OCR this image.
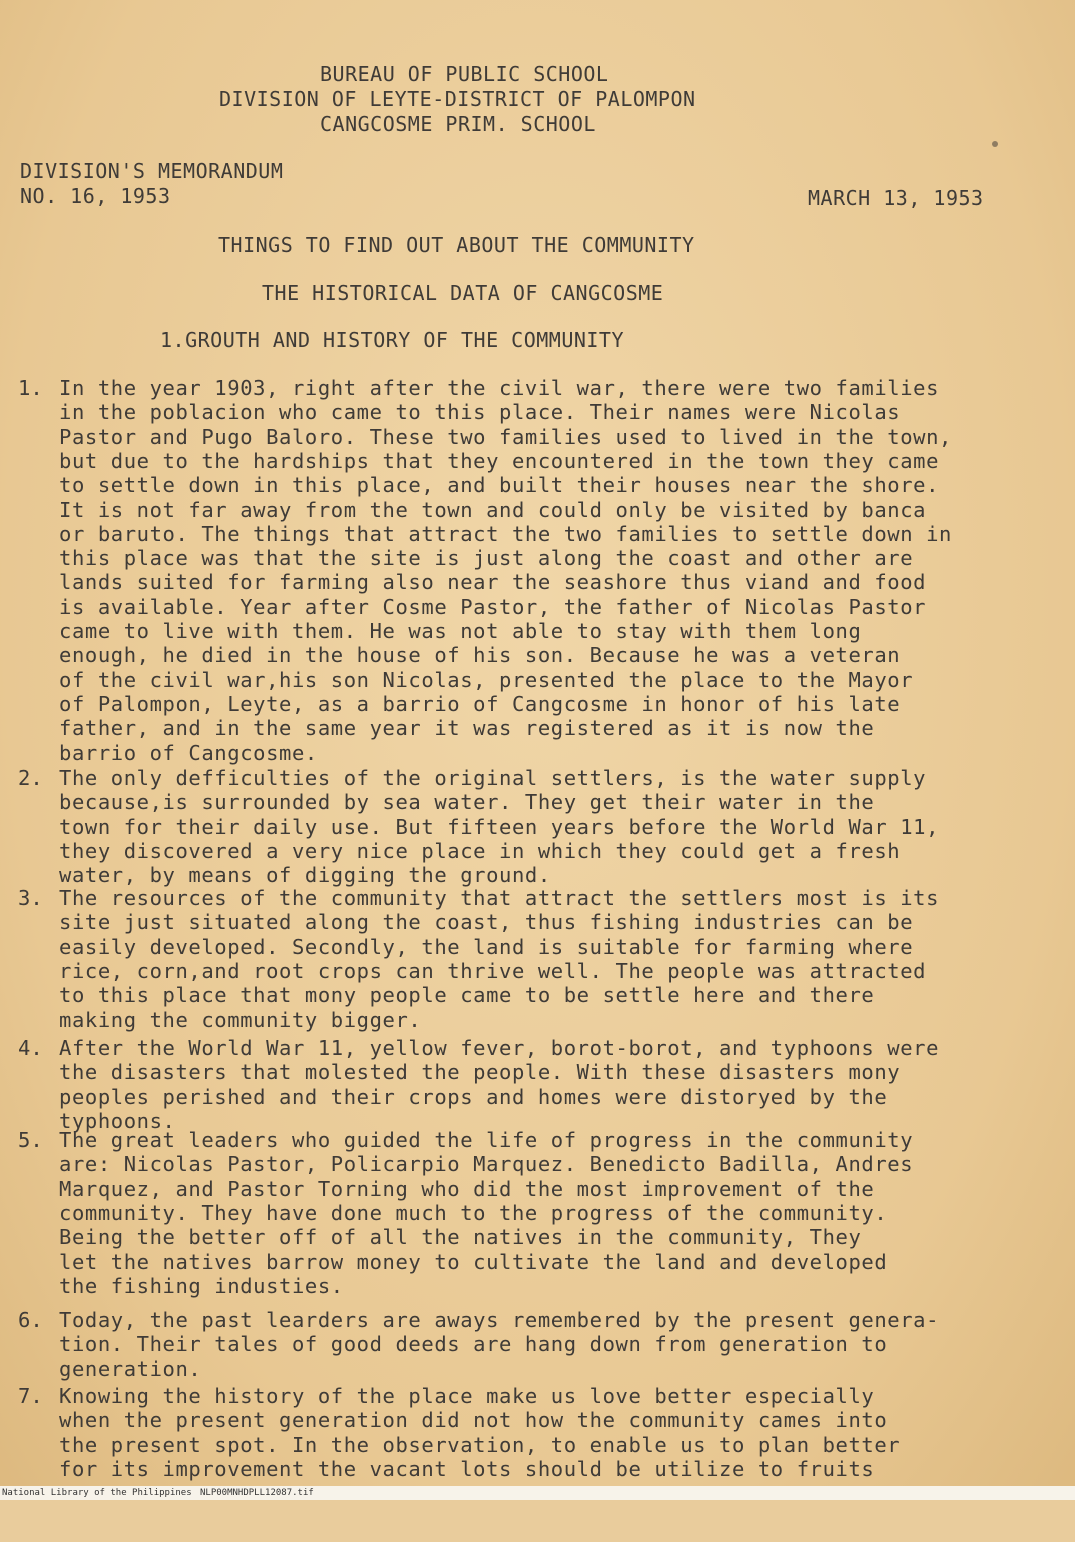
BUREAU OF PUBLIC SCHOOL
DIVISION OF LEYTE-DISTRICT OF PALOMPON
CANGCOSME PRIM. SCHOOL
DIVISION'S MEMORANDUM
NO. 16, 1953	MARCH 13, 1953
THINGS TO FIND OUT ABOUT THE COMMUNITY
THE HISTORICAL DATA OF CANGCOSME
1.GROUTH AND HISTORY OF THE COMMUNITY
1. In the year 1903, right after the civil war, there were two families
in the poblacion who came to this place. Their names were Nicolas
Pastor and Pugo Baloro. These two families used to lived in the town,
but due to the hardships that they encountered in the town they came
to settle down in this place, and built their houses near the shore.
It is not far away from the town and could only be visited by banca
or baruto. The things that attract the two families to settle down in
this place was that the site is just along the coast and other are
lands suited for farming also near the seashore thus viand and food
is available. Year after Cosme Pastor, the father of Nicolas Pastor
came to live with them. He was not able to stay with them long
enough, he died in the house of his son. Because he was a veteran
of the civil war,his son Nicolas, presented the place to the Mayor
of Palompon, Leyte, as a barrio of Cangcosme in honor of his late
father, and in the same year it was registered as it is now the
barrio of Cangcosme.
2. The only defficulties of the original settlers, is the water supply
because,is surrounded by sea water. They get their water in the
town for their daily use. But fifteen years before the World War 11,
they discovered a very nice place in which they could get a fresh
water, by means of digging the ground.
3. The resources of the community that attract the settlers most is its
site just situated along the coast, thus fishing industries can be
easily developed. Secondly, the land is suitable for farming where
rice, corn,and root crops can thrive well. The people was attracted
to this place that mony people came to be settle here and there
making the community bigger.
4. After the World War 11, yellow fever, borot-borot, and typhoons were
the disasters that molested the people. With these disasters mony
peoples perished and their crops and homes were distoryed by the
typhoons.
5. The great leaders who guided the life of progress in the community
are: Nicolas Pastor, Policarpio Marquez. Benedicto Badilla, Andres
Marquez, and Pastor Torning who did the most improvement of the
community. They have done much to the progress of the community.
Being the better off of all the natives in the community, They
let the natives barrow money to cultivate the land and developed
the fishing industies.
6. Today, the past learders are aways remembered by the present genera-
tion. Their tales of good deeds are hang down from generation to
generation.
7. Knowing the history of the place make us love better especially
when the present generation did not how the community cames into
the present spot. In the observation, to enable us to plan better
for its improvement the vacant lots should be utilize to fruits

National Library of the Philippines

NLP00MNHDPLL12087.tif
